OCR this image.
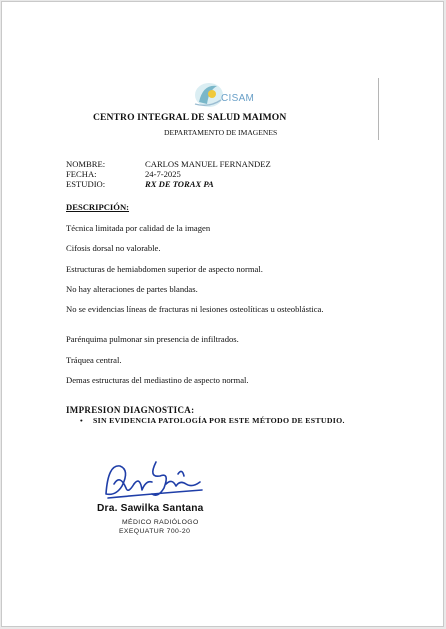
CISAM
CENTRO INTEGRAL DE SALUD MAIMON
DEPARTAMENTO DE IMAGENES
NOMBRE:	CARLOS MANUEL FERNANDEZ
FECHA:	24-7-2025
ESTUDIO:	RX DE TORAX PA
DESCRIPCIÓN:
Técnica limitada por calidad de la imagen
Cifosis dorsal no valorable.
Estructuras de hemiabdomen superior de aspecto normal.
No hay alteraciones de partes blandas.
No se evidencias líneas de fracturas ni lesiones osteolíticas u osteoblástica.
Parénquima pulmonar sin presencia de infiltrados.
Tráquea central.
Demas estructuras del mediastino de aspecto normal.
IMPRESION DIAGNOSTICA:
• SIN EVIDENCIA PATOLOGÍA POR ESTE MÉTODO DE ESTUDIO.
Dra. Sawilka Santana
MÉDICO RADIÓLOGO
EXEQUATUR 700-20
